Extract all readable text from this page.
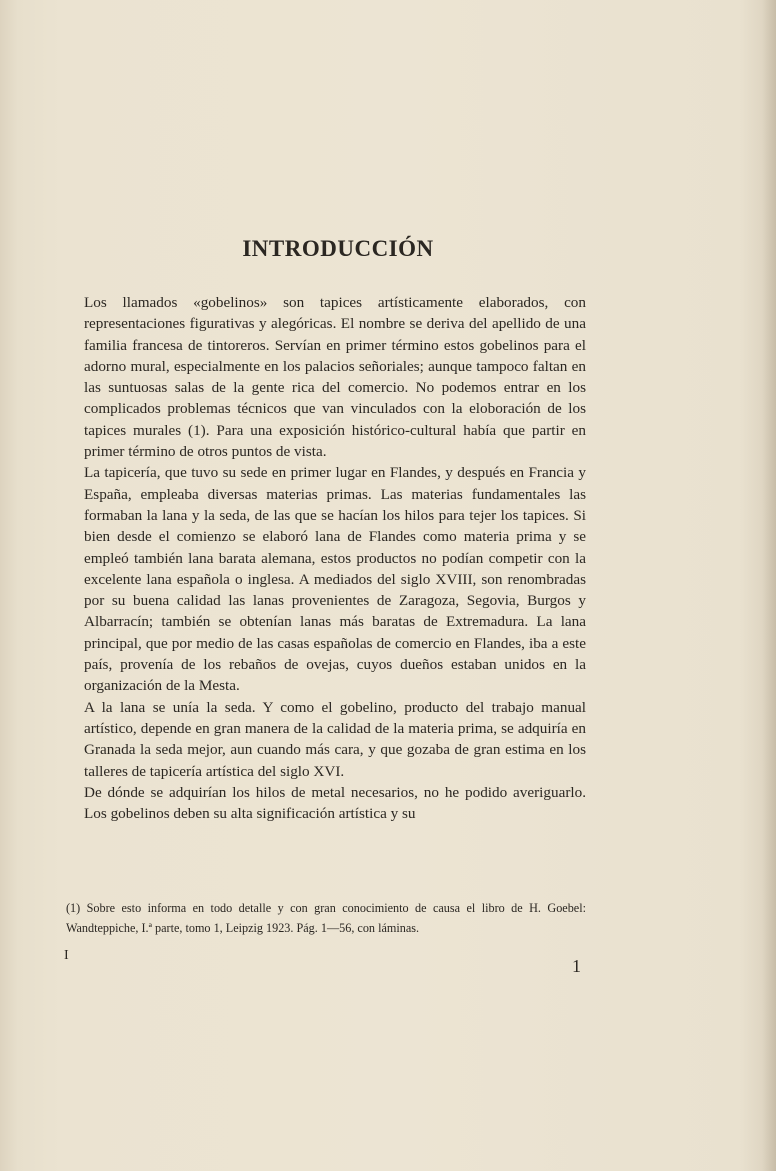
INTRODUCCIÓN

Los llamados «gobelinos» son tapices artísticamente elaborados, con representaciones figurativas y alegóricas. El nombre se deriva del apellido de una familia francesa de tintoreros. Servían en primer término estos gobelinos para el adorno mural, especialmente en los palacios señoriales; aunque tampoco faltan en las suntuosas salas de la gente rica del comercio. No podemos entrar en los complicados problemas técnicos que van vinculados con la eloboración de los tapices murales (1). Para una exposición histórico-cultural había que partir en primer término de otros puntos de vista.

La tapicería, que tuvo su sede en primer lugar en Flandes, y después en Francia y España, empleaba diversas materias primas. Las materias fundamentales las formaban la lana y la seda, de las que se hacían los hilos para tejer los tapices. Si bien desde el comienzo se elaboró lana de Flandes como materia prima y se empleó también lana barata alemana, estos productos no podían competir con la excelente lana española o inglesa. A mediados del siglo XVIII, son renombradas por su buena calidad las lanas provenientes de Zaragoza, Segovia, Burgos y Albarracín; también se obtenían lanas más baratas de Extremadura. La lana principal, que por medio de las casas españolas de comercio en Flandes, iba a este país, provenía de los rebaños de ovejas, cuyos dueños estaban unidos en la organización de la Mesta.

A la lana se unía la seda. Y como el gobelino, producto del trabajo manual artístico, depende en gran manera de la calidad de la materia prima, se adquiría en Granada la seda mejor, aun cuando más cara, y que gozaba de gran estima en los talleres de tapicería artística del siglo XVI.

De dónde se adquirían los hilos de metal necesarios, no he podido averiguarlo. Los gobelinos deben su alta significación artística y su

(1) Sobre esto informa en todo detalle y con gran conocimiento de causa el libro de H. Goebel: Wandteppiche, I.ª parte, tomo 1, Leipzig 1923. Pág. 1—56, con láminas.

I
1
